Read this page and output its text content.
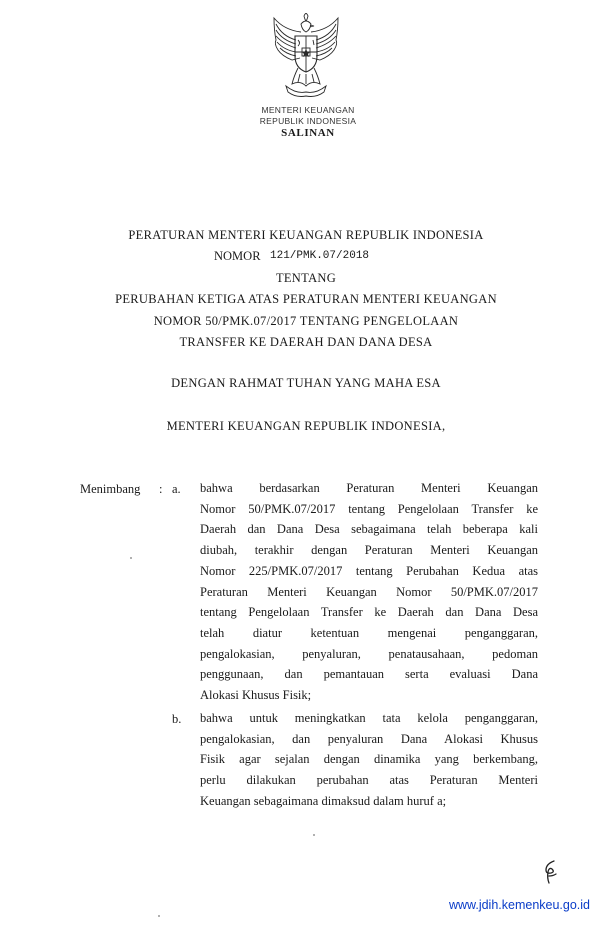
MENTERI KEUANGAN
REPUBLIK INDONESIA
SALINAN
PERATURAN MENTERI KEUANGAN REPUBLIK INDONESIA
NOMOR 121/PMK.07/2018
TENTANG
PERUBAHAN KETIGA ATAS PERATURAN MENTERI KEUANGAN
NOMOR 50/PMK.07/2017 TENTANG PENGELOLAAN
TRANSFER KE DAERAH DAN DANA DESA
DENGAN RAHMAT TUHAN YANG MAHA ESA
MENTERI KEUANGAN REPUBLIK INDONESIA,
Menimbang : a. bahwa berdasarkan Peraturan Menteri Keuangan
Nomor 50/PMK.07/2017 tentang Pengelolaan Transfer ke
Daerah dan Dana Desa sebagaimana telah beberapa kali
diubah, terakhir dengan Peraturan Menteri Keuangan
Nomor 225/PMK.07/2017 tentang Perubahan Kedua atas
Peraturan Menteri Keuangan Nomor 50/PMK.07/2017
tentang Pengelolaan Transfer ke Daerah dan Dana Desa
telah diatur ketentuan mengenai penganggaran,
pengalokasian, penyaluran, penatausahaan, pedoman
penggunaan, dan pemantauan serta evaluasi Dana
Alokasi Khusus Fisik;
b. bahwa untuk meningkatkan tata kelola penganggaran,
pengalokasian, dan penyaluran Dana Alokasi Khusus
Fisik agar sejalan dengan dinamika yang berkembang,
perlu dilakukan perubahan atas Peraturan Menteri
Keuangan sebagaimana dimaksud dalam huruf a;
www.jdih.kemenkeu.go.id
